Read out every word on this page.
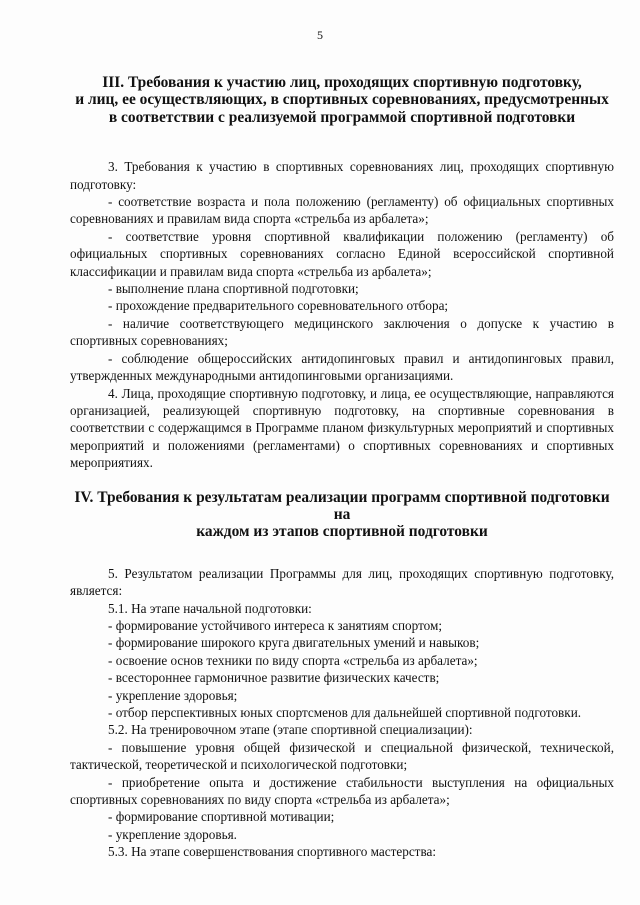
5
III. Требования к участию лиц, проходящих спортивную подготовку,
и лиц, ее осуществляющих, в спортивных соревнованиях, предусмотренных
в соответствии с реализуемой программой спортивной подготовки

3. Требования к участию в спортивных соревнованиях лиц, проходящих спортивную подготовку:

- соответствие возраста и пола положению (регламенту) об официальных спортивных соревнованиях и правилам вида спорта «стрельба из арбалета»;

- соответствие уровня спортивной квалификации положению (регламенту) об официальных спортивных соревнованиях согласно Единой всероссийской спортивной классификации и правилам вида спорта «стрельба из арбалета»;

- выполнение плана спортивной подготовки;

- прохождение предварительного соревновательного отбора;

- наличие соответствующего медицинского заключения о допуске к участию в спортивных соревнованиях;

- соблюдение общероссийских антидопинговых правил и антидопинговых правил, утвержденных международными антидопинговыми организациями.

4. Лица, проходящие спортивную подготовку, и лица, ее осуществляющие, направляются организацией, реализующей спортивную подготовку, на спортивные соревнования в соответствии с содержащимся в Программе планом физкультурных мероприятий и спортивных мероприятий и положениями (регламентами) о спортивных соревнованиях и спортивных мероприятиях.

IV. Требования к результатам реализации программ спортивной подготовки на
каждом из этапов спортивной подготовки

5. Результатом реализации Программы для лиц, проходящих спортивную подготовку, является:

5.1. На этапе начальной подготовки:

- формирование устойчивого интереса к занятиям спортом;

- формирование широкого круга двигательных умений и навыков;

- освоение основ техники по виду спорта «стрельба из арбалета»;

- всестороннее гармоничное развитие физических качеств;

- укрепление здоровья;

- отбор перспективных юных спортсменов для дальнейшей спортивной подготовки.

5.2. На тренировочном этапе (этапе спортивной специализации):

- повышение уровня общей физической и специальной физической, технической, тактической, теоретической и психологической подготовки;

- приобретение опыта и достижение стабильности выступления на официальных спортивных соревнованиях по виду спорта «стрельба из арбалета»;

- формирование спортивной мотивации;

- укрепление здоровья.

5.3. На этапе совершенствования спортивного мастерства:
